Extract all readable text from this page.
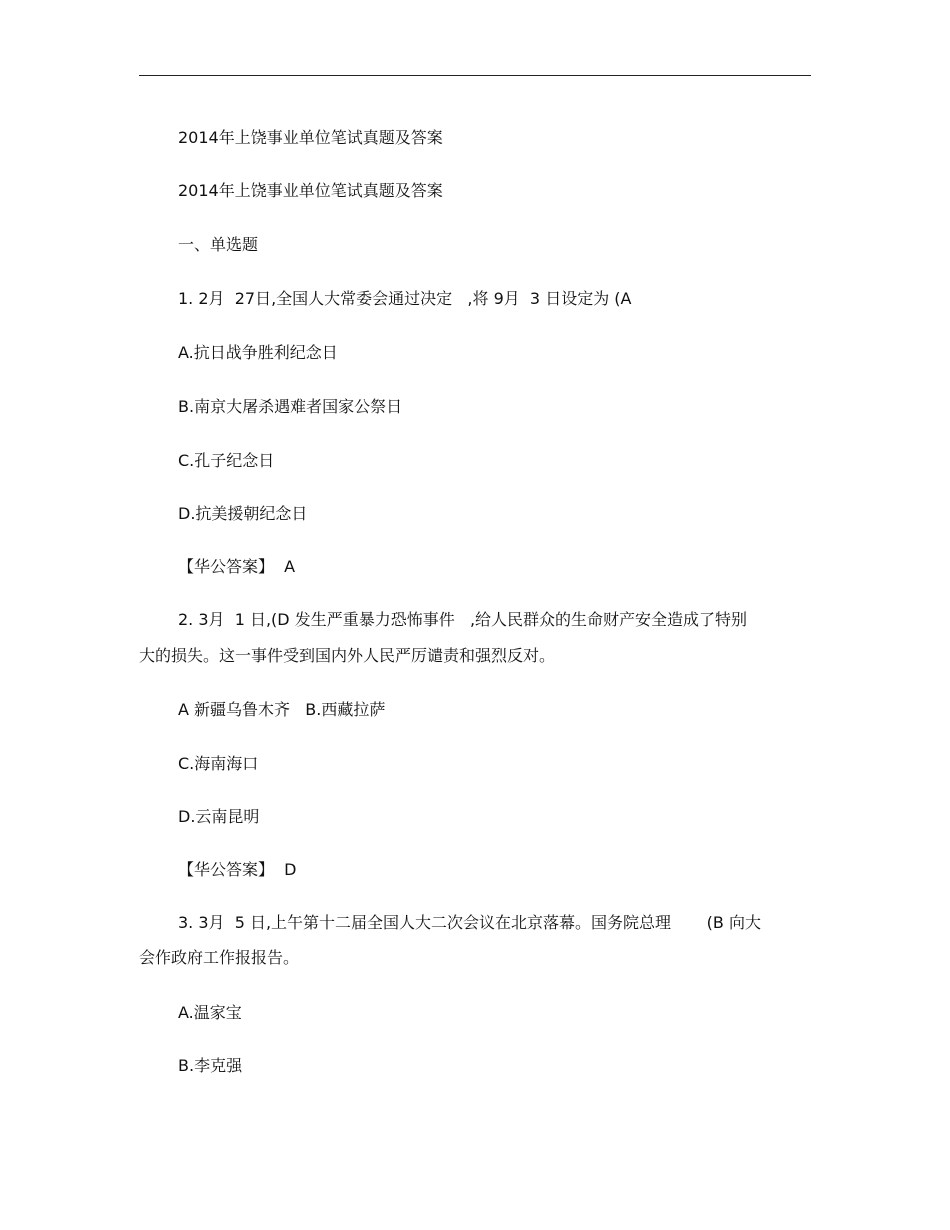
2014年上饶事业单位笔试真题及答案
2014年上饶事业单位笔试真题及答案
一、单选题
1. 2月  27日,全国人大常委会通过决定   ,将 9月  3 日设定为 (A
A.抗日战争胜利纪念日
B.南京大屠杀遇难者国家公祭日
C.孔子纪念日
D.抗美援朝纪念日
【华公答案】  A
2. 3月  1 日,(D 发生严重暴力恐怖事件   ,给人民群众的生命财产安全造成了特别
大的损失。这一事件受到国内外人民严厉谴责和强烈反对。
A 新疆乌鲁木齐   B.西藏拉萨
C.海南海口
D.云南昆明
【华公答案】  D
3. 3月  5 日,上午第十二届全国人大二次会议在北京落幕。国务院总理       (B 向大
会作政府工作报报告。
A.温家宝
B.李克强
